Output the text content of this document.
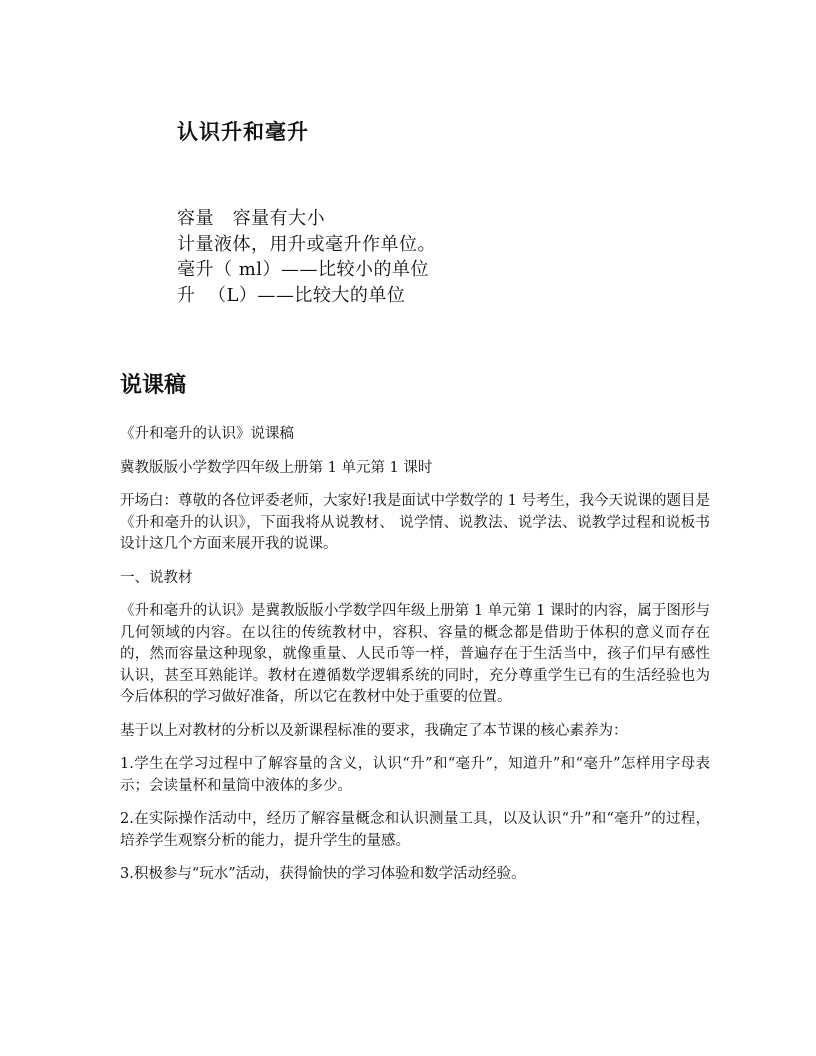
认识升和毫升
容量   容量有大小
计量液体，用升或毫升作单位。
毫升（ ml）——比较小的单位
升  （L）——比较大的单位
说课稿

《升和毫升的认识》说课稿

冀教版版小学数学四年级上册第 1 单元第 1 课时

开场白：尊敬的各位评委老师，大家好!我是面试中学数学的 1 号考生，我今天说课的题目是《升和毫升的认识》，下面我将从说教材、 说学情、说教法、说学法、说教学过程和说板书设计这几个方面来展开我的说课。

一、说教材

《升和毫升的认识》是冀教版版小学数学四年级上册第 1 单元第 1 课时的内容，属于图形与几何领域的内容。在以往的传统教材中，容积、容量的概念都是借助于体积的意义而存在的，然而容量这种现象，就像重量、人民币等一样，普遍存在于生活当中，孩子们早有感性认识，甚至耳熟能详。教材在遵循数学逻辑系统的同时，充分尊重学生已有的生活经验也为今后体积的学习做好准备，所以它在教材中处于重要的位置。

基于以上对教材的分析以及新课程标准的要求，我确定了本节课的核心素养为：

1.学生在学习过程中了解容量的含义，认识“升”和“毫升”，知道升”和“毫升”怎样用字母表示；会读量杯和量筒中液体的多少。

2.在实际操作活动中，经历了解容量概念和认识测量工具，以及认识“升”和“毫升”的过程，培养学生观察分析的能力，提升学生的量感。

3.积极参与“玩水”活动，获得愉快的学习体验和数学活动经验。
